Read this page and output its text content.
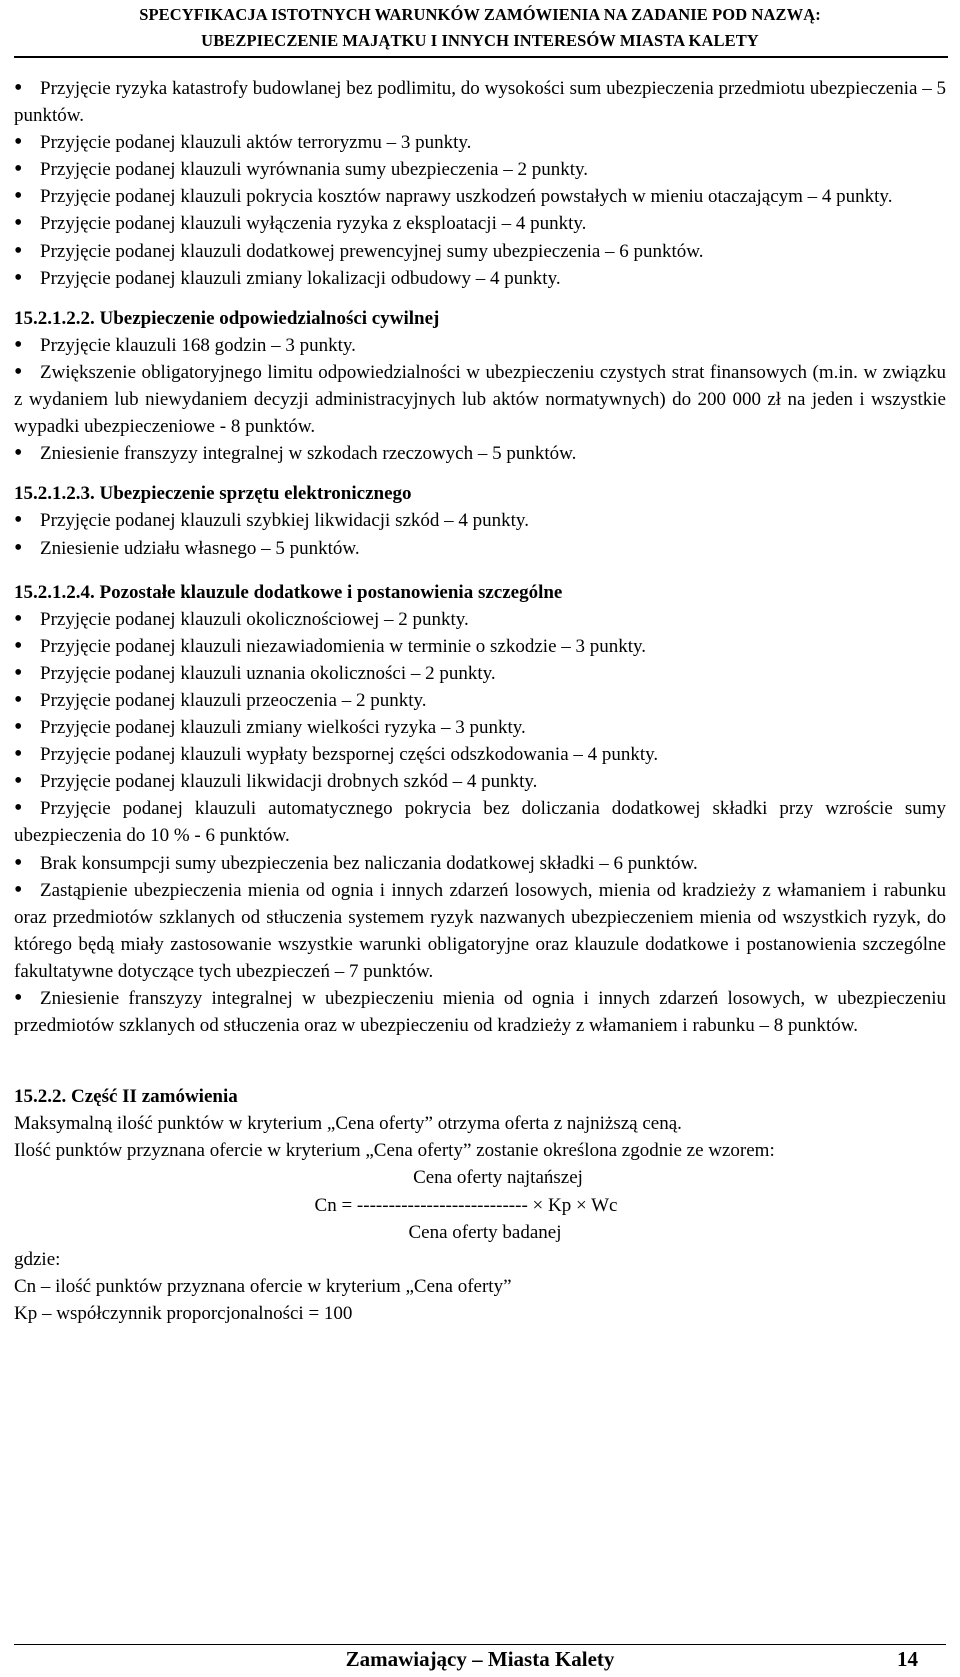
SPECYFIKACJA ISTOTNYCH WARUNKÓW ZAMÓWIENIA NA ZADANIE POD NAZWĄ:
UBEZPIECZENIE MAJĄTKU I INNYCH INTERESÓW MIASTA KALETY
• Przyjęcie ryzyka katastrofy budowlanej bez podlimitu, do wysokości sum ubezpieczenia przedmiotu ubezpieczenia – 5 punktów.
• Przyjęcie podanej klauzuli aktów terroryzmu – 3 punkty.
• Przyjęcie podanej klauzuli wyrównania sumy ubezpieczenia – 2 punkty.
• Przyjęcie podanej klauzuli pokrycia kosztów naprawy uszkodzeń powstałych w mieniu otaczającym – 4 punkty.
• Przyjęcie podanej klauzuli wyłączenia ryzyka z eksploatacji – 4 punkty.
• Przyjęcie podanej klauzuli dodatkowej prewencyjnej sumy ubezpieczenia – 6 punktów.
• Przyjęcie podanej klauzuli zmiany lokalizacji odbudowy – 4 punkty.
15.2.1.2.2. Ubezpieczenie odpowiedzialności cywilnej
• Przyjęcie klauzuli 168 godzin – 3 punkty.
• Zwiększenie obligatoryjnego limitu odpowiedzialności w ubezpieczeniu czystych strat finansowych (m.in. w związku z wydaniem lub niewydaniem decyzji administracyjnych lub aktów normatywnych) do 200 000 zł na jeden i wszystkie wypadki ubezpieczeniowe - 8 punktów.
• Zniesienie franszyzy integralnej w szkodach rzeczowych – 5 punktów.
15.2.1.2.3. Ubezpieczenie sprzętu elektronicznego
• Przyjęcie podanej klauzuli szybkiej likwidacji szkód – 4 punkty.
• Zniesienie udziału własnego – 5 punktów.
15.2.1.2.4. Pozostałe klauzule dodatkowe i postanowienia szczególne
• Przyjęcie podanej klauzuli okolicznościowej – 2 punkty.
• Przyjęcie podanej klauzuli niezawiadomienia w terminie o szkodzie – 3 punkty.
• Przyjęcie podanej klauzuli uznania okoliczności – 2 punkty.
• Przyjęcie podanej klauzuli przeoczenia – 2 punkty.
• Przyjęcie podanej klauzuli zmiany wielkości ryzyka – 3 punkty.
• Przyjęcie podanej klauzuli wypłaty bezspornej części odszkodowania – 4 punkty.
• Przyjęcie podanej klauzuli likwidacji drobnych szkód – 4 punkty.
• Przyjęcie podanej klauzuli automatycznego pokrycia bez doliczania dodatkowej składki przy wzroście sumy ubezpieczenia do 10 % - 6 punktów.
• Brak konsumpcji sumy ubezpieczenia bez naliczania dodatkowej składki – 6 punktów.
• Zastąpienie ubezpieczenia mienia od ognia i innych zdarzeń losowych, mienia od kradzieży z włamaniem i rabunku oraz przedmiotów szklanych od stłuczenia systemem ryzyk nazwanych ubezpieczeniem mienia od wszystkich ryzyk, do którego będą miały zastosowanie wszystkie warunki obligatoryjne oraz klauzule dodatkowe i postanowienia szczególne fakultatywne dotyczące tych ubezpieczeń – 7 punktów.
• Zniesienie franszyzy integralnej w ubezpieczeniu mienia od ognia i innych zdarzeń losowych, w ubezpieczeniu przedmiotów szklanych od stłuczenia oraz w ubezpieczeniu od kradzieży z włamaniem i rabunku – 8 punktów.
15.2.2. Część II zamówienia

Maksymalną ilość punktów w kryterium „Cena oferty” otrzyma oferta z najniższą ceną.

Ilość punktów przyznana ofercie w kryterium „Cena oferty” zostanie określona zgodnie ze wzorem:

Cena oferty najtańszej
Cn = --------------------------- × Kp × Wc
Cena oferty badanej
gdzie:
Cn – ilość punktów przyznana ofercie w kryterium „Cena oferty”
Kp – współczynnik proporcjonalności = 100
Zamawiający – Miasta Kalety	14
